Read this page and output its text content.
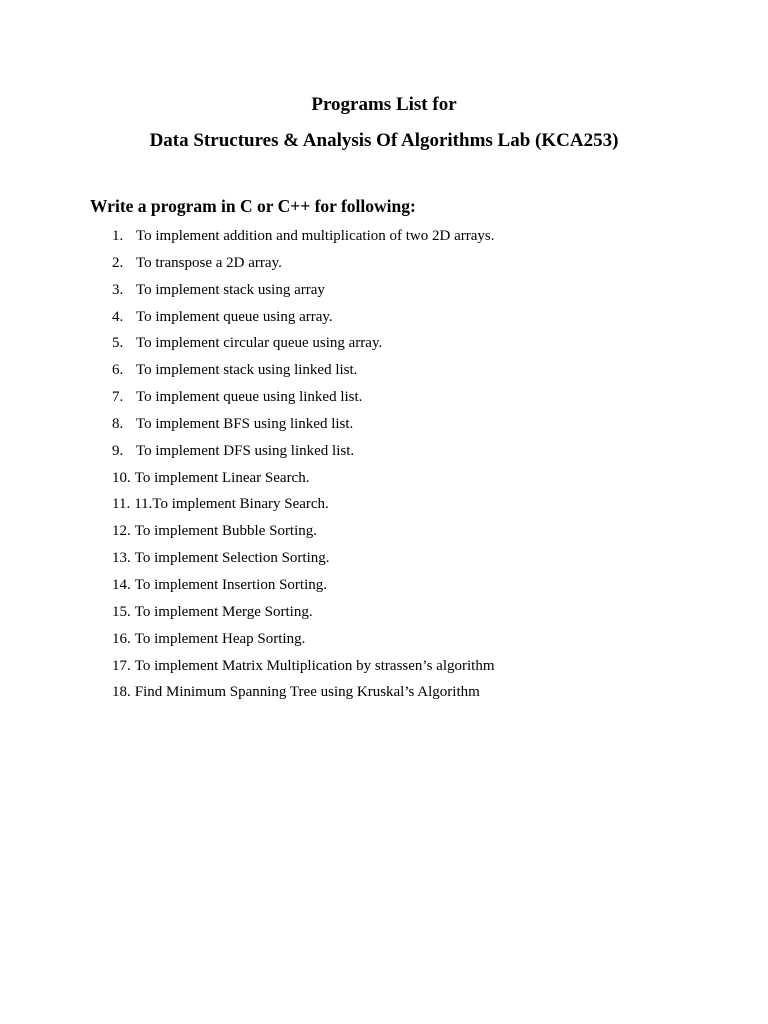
Programs List for
Data Structures & Analysis Of Algorithms Lab (KCA253)
Write a program in C or C++ for following:
1. To implement addition and multiplication of two 2D arrays.
2. To transpose a 2D array.
3. To implement stack using array
4. To implement queue using array.
5. To implement circular queue using array.
6. To implement stack using linked list.
7. To implement queue using linked list.
8. To implement BFS using linked list.
9. To implement DFS using linked list.
10. To implement Linear Search.
11. 11.To implement Binary Search.
12. To implement Bubble Sorting.
13. To implement Selection Sorting.
14. To implement Insertion Sorting.
15. To implement Merge Sorting.
16. To implement Heap Sorting.
17. To implement Matrix Multiplication by strassen’s algorithm
18. Find Minimum Spanning Tree using Kruskal’s Algorithm
